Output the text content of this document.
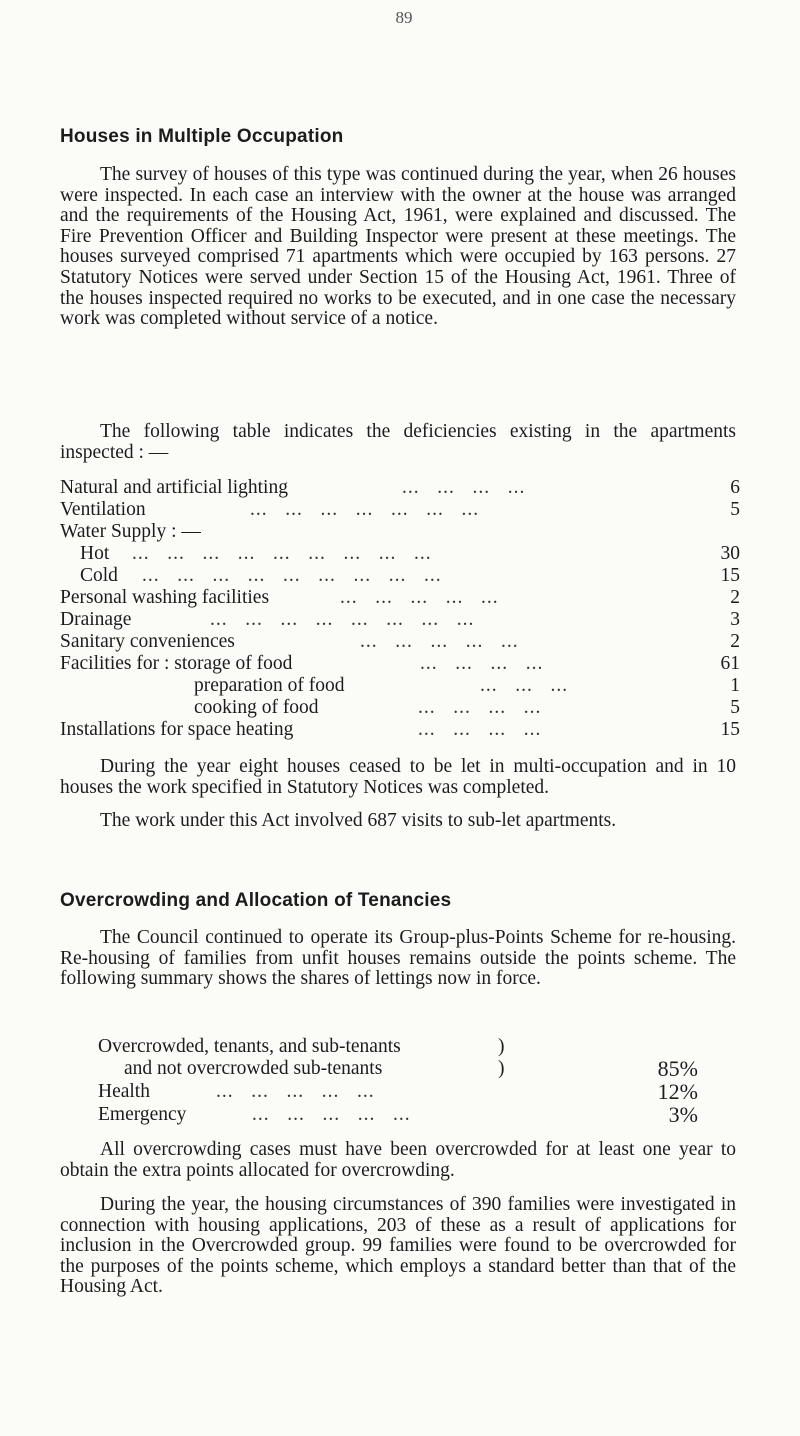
89
Houses in Multiple Occupation

The survey of houses of this type was continued during the year, when 26 houses were inspected. In each case an interview with the owner at the house was arranged and the requirements of the Housing Act, 1961, were explained and discussed. The Fire Prevention Officer and Building Inspector were present at these meetings. The houses surveyed comprised 71 apartments which were occupied by 163 persons. 27 Statutory Notices were served under Section 15 of the Housing Act, 1961. Three of the houses inspected required no works to be executed, and in one case the necessary work was completed without service of a notice.

The following table indicates the deficiencies existing in the apartments inspected : —

Natural and artificial lighting	...   ...   ...   ...	6
Ventilation	...   ...   ...   ...   ...   ...   ...	5
Water Supply : —
Hot ...   ...   ...   ...   ...   ...   ...   ...   ...	30
Cold ...   ...   ...   ...   ...   ...   ...   ...   ...	15
Personal washing facilities	...   ...   ...   ...   ...	2
Drainage	...   ...   ...   ...   ...   ...   ...   ...	3
Sanitary conveniences	...   ...   ...   ...   ...	2
Facilities for : storage of food	...   ...   ...   ...	61
preparation of food	...   ...   ...	1
cooking of food	...   ...   ...   ...	5
Installations for space heating	...   ...   ...   ...	15

During the year eight houses ceased to be let in multi-occupation and in 10 houses the work specified in Statutory Notices was completed.

The work under this Act involved 687 visits to sub-let apartments.

Overcrowding and Allocation of Tenancies

The Council continued to operate its Group-plus-Points Scheme for re-housing. Re-housing of families from unfit houses remains outside the points scheme. The following summary shows the shares of lettings now in force.

Overcrowded, tenants, and sub-tenants	)
and not overcrowded sub-tenants	)	85%
Health	...   ...   ...   ...   ...	12%
Emergency	...   ...   ...   ...   ...	3%

All overcrowding cases must have been overcrowded for at least one year to obtain the extra points allocated for overcrowding.

During the year, the housing circumstances of 390 families were investigated in connection with housing applications, 203 of these as a result of applications for inclusion in the Overcrowded group. 99 families were found to be overcrowded for the purposes of the points scheme, which employs a standard better than that of the Housing Act.
